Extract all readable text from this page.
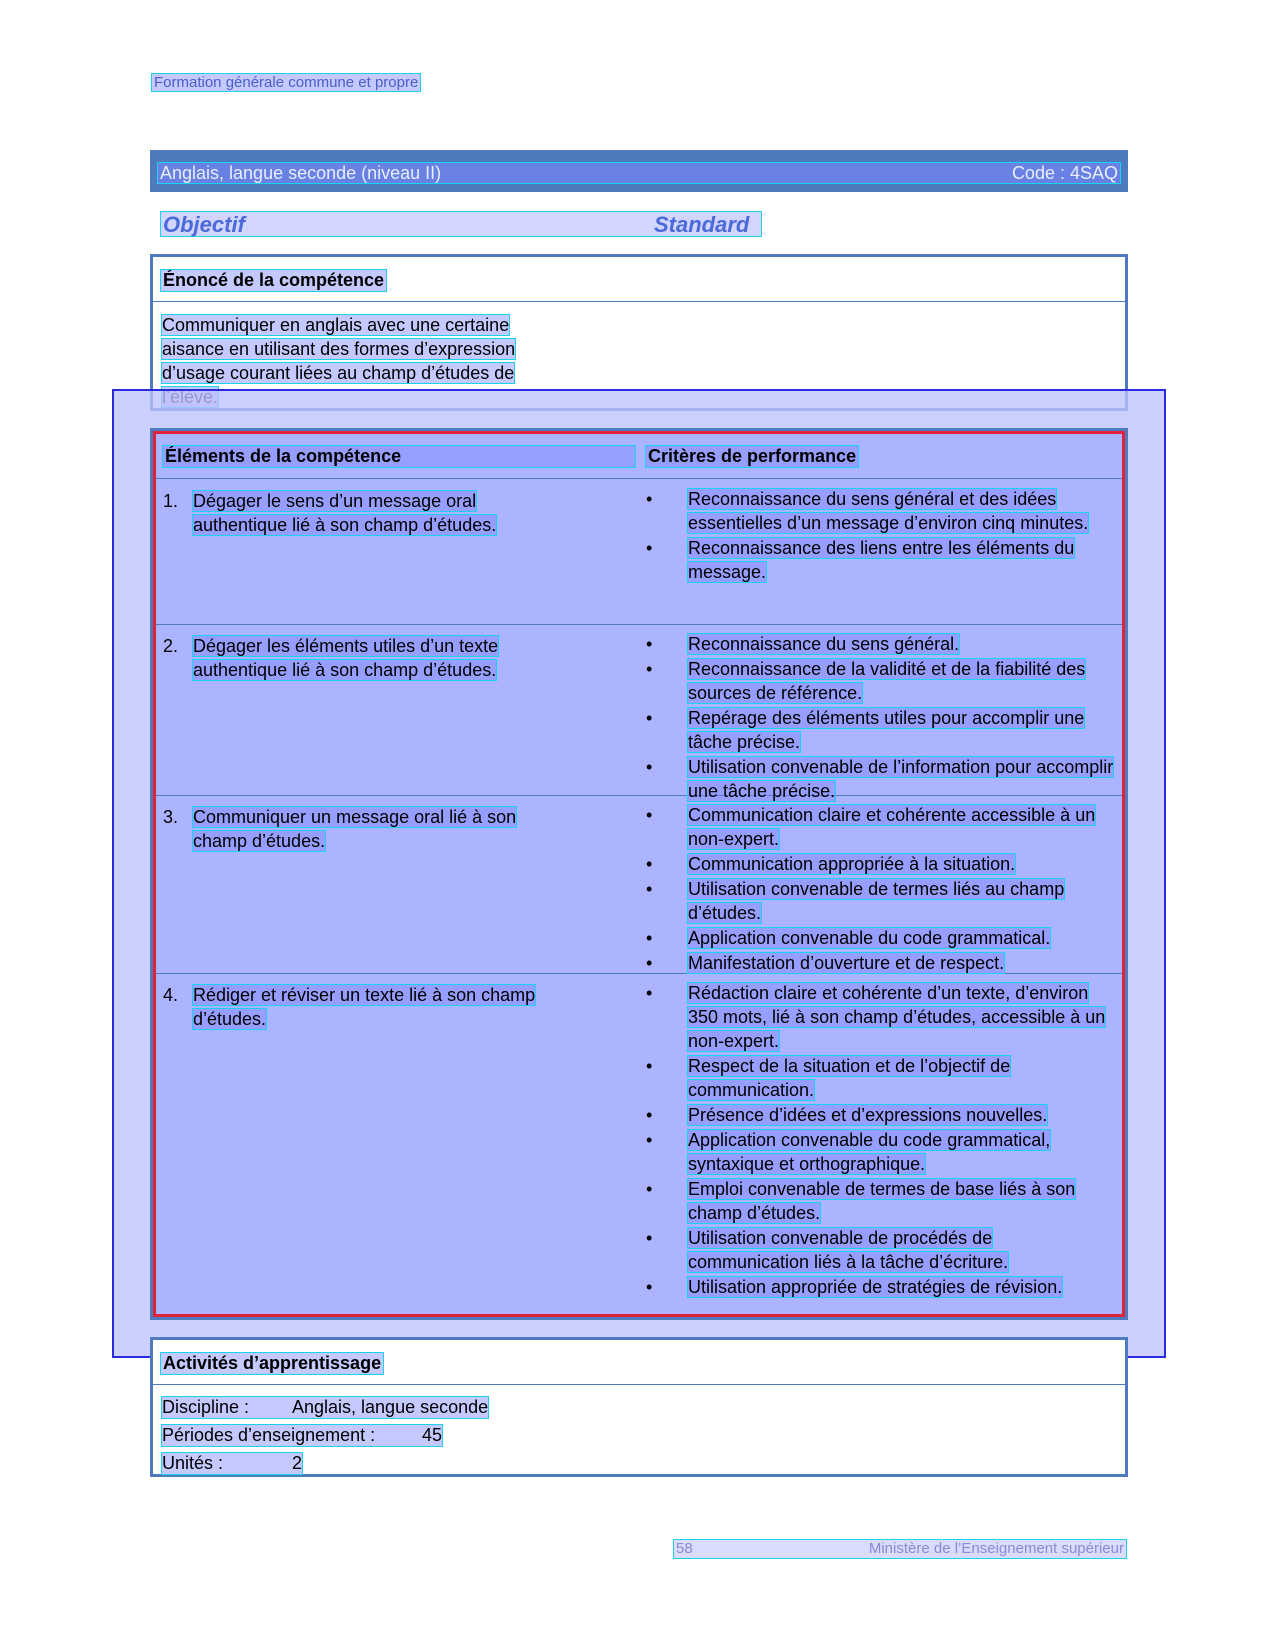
Formation générale commune et propre
Anglais, langue seconde (niveau II)	Code : 4SAQ
Objectif	Standard
Énoncé de la compétence
Communiquer en anglais avec une certaine
aisance en utilisant des formes d’expression
d’usage courant liées au champ d’études de
Éléments de la compétence	Critères de performance
1. Dégager le sens d’un message oral
authentique lié à son champ d’études.
•	Reconnaissance du sens général et des idées essentielles d’un message d’environ cinq minutes.
•	Reconnaissance des liens entre les éléments du message.
2. Dégager les éléments utiles d’un texte
authentique lié à son champ d’études.
•	Reconnaissance du sens général.
•	Reconnaissance de la validité et de la fiabilité des sources de référence.
•	Repérage des éléments utiles pour accomplir une tâche précise.
•	Utilisation convenable de l’information pour accomplir une tâche précise.
3. Communiquer un message oral lié à son
champ d’études.
•	Communication claire et cohérente accessible à un non-expert.
•	Communication appropriée à la situation.
•	Utilisation convenable de termes liés au champ d’études.
•	Application convenable du code grammatical.
•	Manifestation d’ouverture et de respect.
4. Rédiger et réviser un texte lié à son champ
d’études.
•	Rédaction claire et cohérente d’un texte, d’environ 350 mots, lié à son champ d’études, accessible à un non-expert.
•	Respect de la situation et de l’objectif de communication.
•	Présence d’idées et d’expressions nouvelles.
•	Application convenable du code grammatical, syntaxique et orthographique.
•	Emploi convenable de termes de base liés à son champ d’études.
•	Utilisation convenable de procédés de communication liés à la tâche d’écriture.
•	Utilisation appropriée de stratégies de révision.
Activités d’apprentissage
Discipline : Anglais, langue seconde
Périodes d’enseignement :	45
Unités :	2
58	Ministère de l’Enseignement supérieur
